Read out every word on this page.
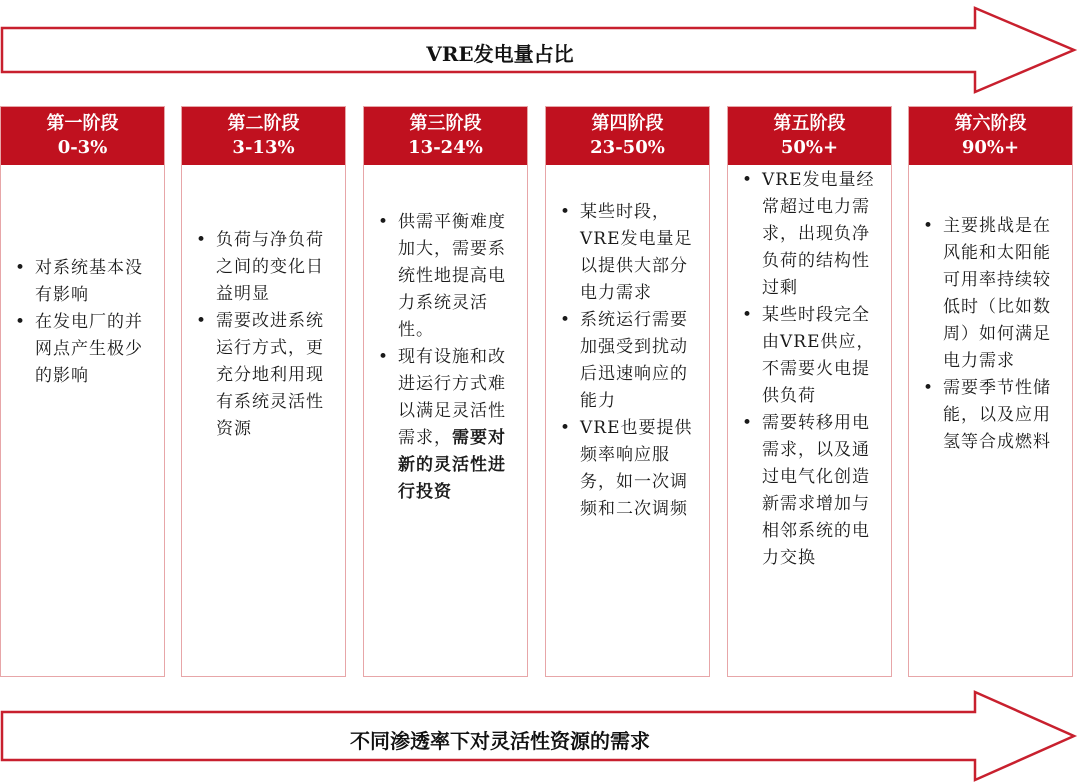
VRE发电量占比
第一阶段
0-3%
• 对系统基本没有影响
• 在发电厂的并网点产生极少的影响
第二阶段
3-13%
• 负荷与净负荷之间的变化日益明显
• 需要改进系统运行方式，更充分地利用现有系统灵活性资源
第三阶段
13-24%
• 供需平衡难度加大，需要系统性地提高电力系统灵活性。
• 现有设施和改进运行方式难以满足灵活性需求，需要对新的灵活性进行投资
第四阶段
23-50%
• 某些时段，VRE发电量足以提供大部分电力需求
• 系统运行需要加强受到扰动后迅速响应的能力
• VRE也要提供频率响应服务，如一次调频和二次调频
第五阶段
50%+
• VRE发电量经常超过电力需求，出现负净负荷的结构性过剩
• 某些时段完全由VRE供应，不需要火电提供负荷
• 需要转移用电需求，以及通过电气化创造新需求增加与相邻系统的电力交换
第六阶段
90%+
• 主要挑战是在风能和太阳能可用率持续较低时（比如数周）如何满足电力需求
• 需要季节性储能，以及应用氢等合成燃料
不同渗透率下对灵活性资源的需求
